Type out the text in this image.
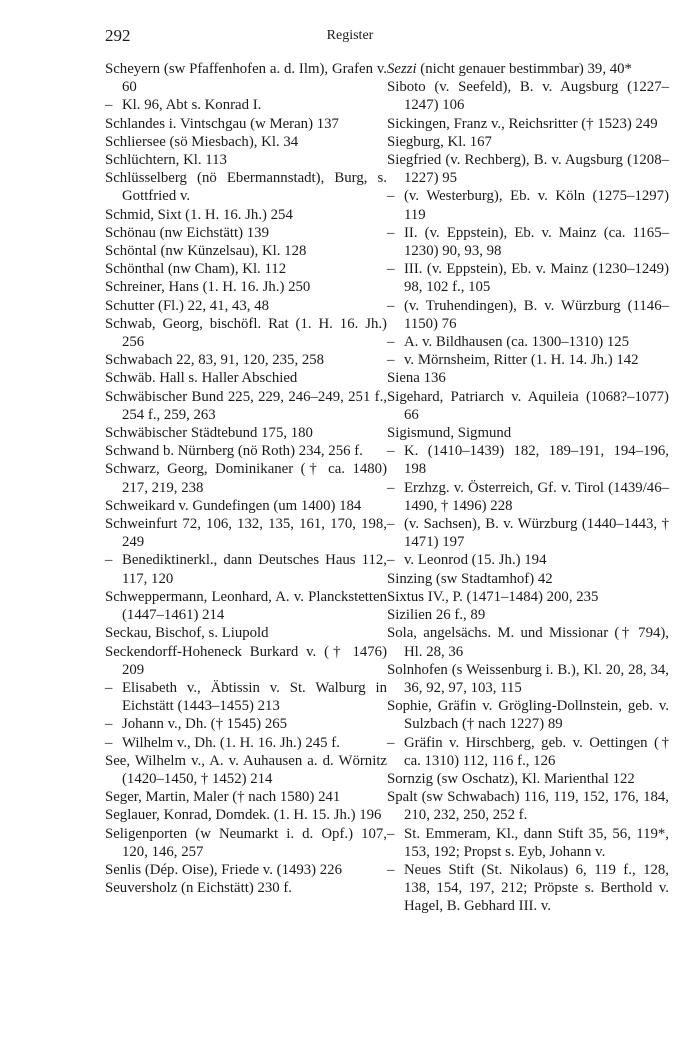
292	Register

Scheyern (sw Pfaffenhofen a. d. Ilm), Grafen v. 60

– Kl. 96, Abt s. Konrad I.

Schlandes i. Vintschgau (w Meran) 137

Schliersee (sö Miesbach), Kl. 34

Schlüchtern, Kl. 113

Schlüsselberg (nö Ebermannstadt), Burg, s. Gottfried v.

Schmid, Sixt (1. H. 16. Jh.) 254

Schönau (nw Eichstätt) 139

Schöntal (nw Künzelsau), Kl. 128

Schönthal (nw Cham), Kl. 112

Schreiner, Hans (1. H. 16. Jh.) 250

Schutter (Fl.) 22, 41, 43, 48

Schwab, Georg, bischöfl. Rat (1. H. 16. Jh.) 256

Schwabach 22, 83, 91, 120, 235, 258

Schwäb. Hall s. Haller Abschied

Schwäbischer Bund 225, 229, 246–249, 251 f., 254 f., 259, 263

Schwäbischer Städtebund 175, 180

Schwand b. Nürnberg (nö Roth) 234, 256 f.

Schwarz, Georg, Dominikaner († ca. 1480) 217, 219, 238

Schweikard v. Gundefingen (um 1400) 184

Schweinfurt 72, 106, 132, 135, 161, 170, 198, 249

– Benediktinerkl., dann Deutsches Haus 112, 117, 120

Schweppermann, Leonhard, A. v. Planckstetten (1447–1461) 214

Seckau, Bischof, s. Liupold

Seckendorff-Hoheneck Burkard v. († 1476) 209

– Elisabeth v., Äbtissin v. St. Walburg in Eichstätt (1443–1455) 213

– Johann v., Dh. († 1545) 265

– Wilhelm v., Dh. (1. H. 16. Jh.) 245 f.

See, Wilhelm v., A. v. Auhausen a. d. Wörnitz (1420–1450, † 1452) 214

Seger, Martin, Maler († nach 1580) 241

Seglauer, Konrad, Domdek. (1. H. 15. Jh.) 196

Seligenporten (w Neumarkt i. d. Opf.) 107, 120, 146, 257

Senlis (Dép. Oise), Friede v. (1493) 226

Seuversholz (n Eichstätt) 230 f.

Sezzi (nicht genauer bestimmbar) 39, 40*

Siboto (v. Seefeld), B. v. Augsburg (1227–1247) 106

Sickingen, Franz v., Reichsritter († 1523) 249

Siegburg, Kl. 167

Siegfried (v. Rechberg), B. v. Augsburg (1208–1227) 95

– (v. Westerburg), Eb. v. Köln (1275–1297) 119

– II. (v. Eppstein), Eb. v. Mainz (ca. 1165–1230) 90, 93, 98

– III. (v. Eppstein), Eb. v. Mainz (1230–1249) 98, 102 f., 105

– (v. Truhendingen), B. v. Würzburg (1146–1150) 76

– A. v. Bildhausen (ca. 1300–1310) 125

– v. Mörnsheim, Ritter (1. H. 14. Jh.) 142

Siena 136

Sigehard, Patriarch v. Aquileia (1068?–1077) 66

Sigismund, Sigmund

– K. (1410–1439) 182, 189–191, 194–196, 198

– Erzhzg. v. Österreich, Gf. v. Tirol (1439/46–1490, † 1496) 228

– (v. Sachsen), B. v. Würzburg (1440–1443, † 1471) 197

– v. Leonrod (15. Jh.) 194

Sinzing (sw Stadtamhof) 42

Sixtus IV., P. (1471–1484) 200, 235

Sizilien 26 f., 89

Sola, angelsächs. M. und Missionar († 794), Hl. 28, 36

Solnhofen (s Weissenburg i. B.), Kl. 20, 28, 34, 36, 92, 97, 103, 115

Sophie, Gräfin v. Grögling-Dollnstein, geb. v. Sulzbach († nach 1227) 89

– Gräfin v. Hirschberg, geb. v. Oettingen († ca. 1310) 112, 116 f., 126

Sornzig (sw Oschatz), Kl. Marienthal 122

Spalt (sw Schwabach) 116, 119, 152, 176, 184, 210, 232, 250, 252 f.

– St. Emmeram, Kl., dann Stift 35, 56, 119*, 153, 192; Propst s. Eyb, Johann v.

– Neues Stift (St. Nikolaus) 6, 119 f., 128, 138, 154, 197, 212; Pröpste s. Berthold v. Hagel, B. Gebhard III. v.
